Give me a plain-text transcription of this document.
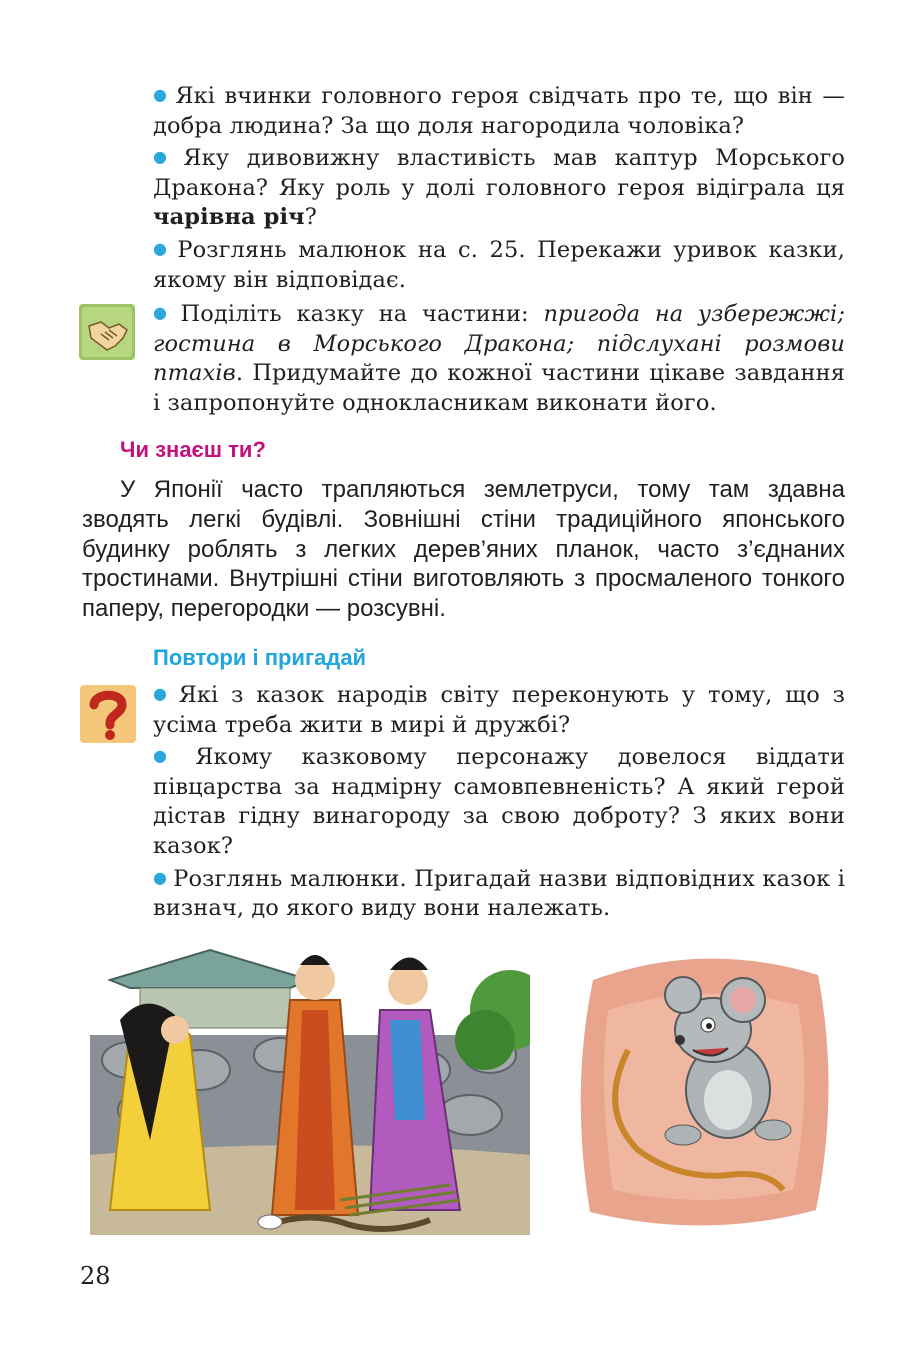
● Які вчинки головного героя свідчать про те, що він — добра людина? За що доля нагородила чоловіка?

● Яку дивовижну властивість мав каптур Морського Дракона? Яку роль у долі головного героя відіграла ця чарівна річ?

● Розглянь малюнок на с. 25. Перекажи уривок казки, якому він відповідає.

● Поділіть казку на частини: пригода на узбережжі; гостина в Морського Дракона; підслухані розмови птахів. Придумайте до кожної частини цікаве завдання і запропонуйте однокласникам виконати його.

Чи знаєш ти?

У Японії часто трапляються землетруси, тому там здавна зводять легкі будівлі. Зовнішні стіни традиційного японського будинку роблять з легких дерев’яних планок, часто з’єднаних тростинами. Внутрішні стіни виготовляють з просмаленого тонкого паперу, перегородки — розсувні.

Повтори і пригадай

● Які з казок народів світу переконують у тому, що з усіма треба жити в мирі й дружбі?

● Якому казковому персонажу довелося віддати півцарства за надмірну самовпевненість? А який герой дістав гідну винагороду за свою доброту? З яких вони казок?

● Розглянь малюнки. Пригадай назви відповідних казок і визнач, до якого виду вони належать.

28
